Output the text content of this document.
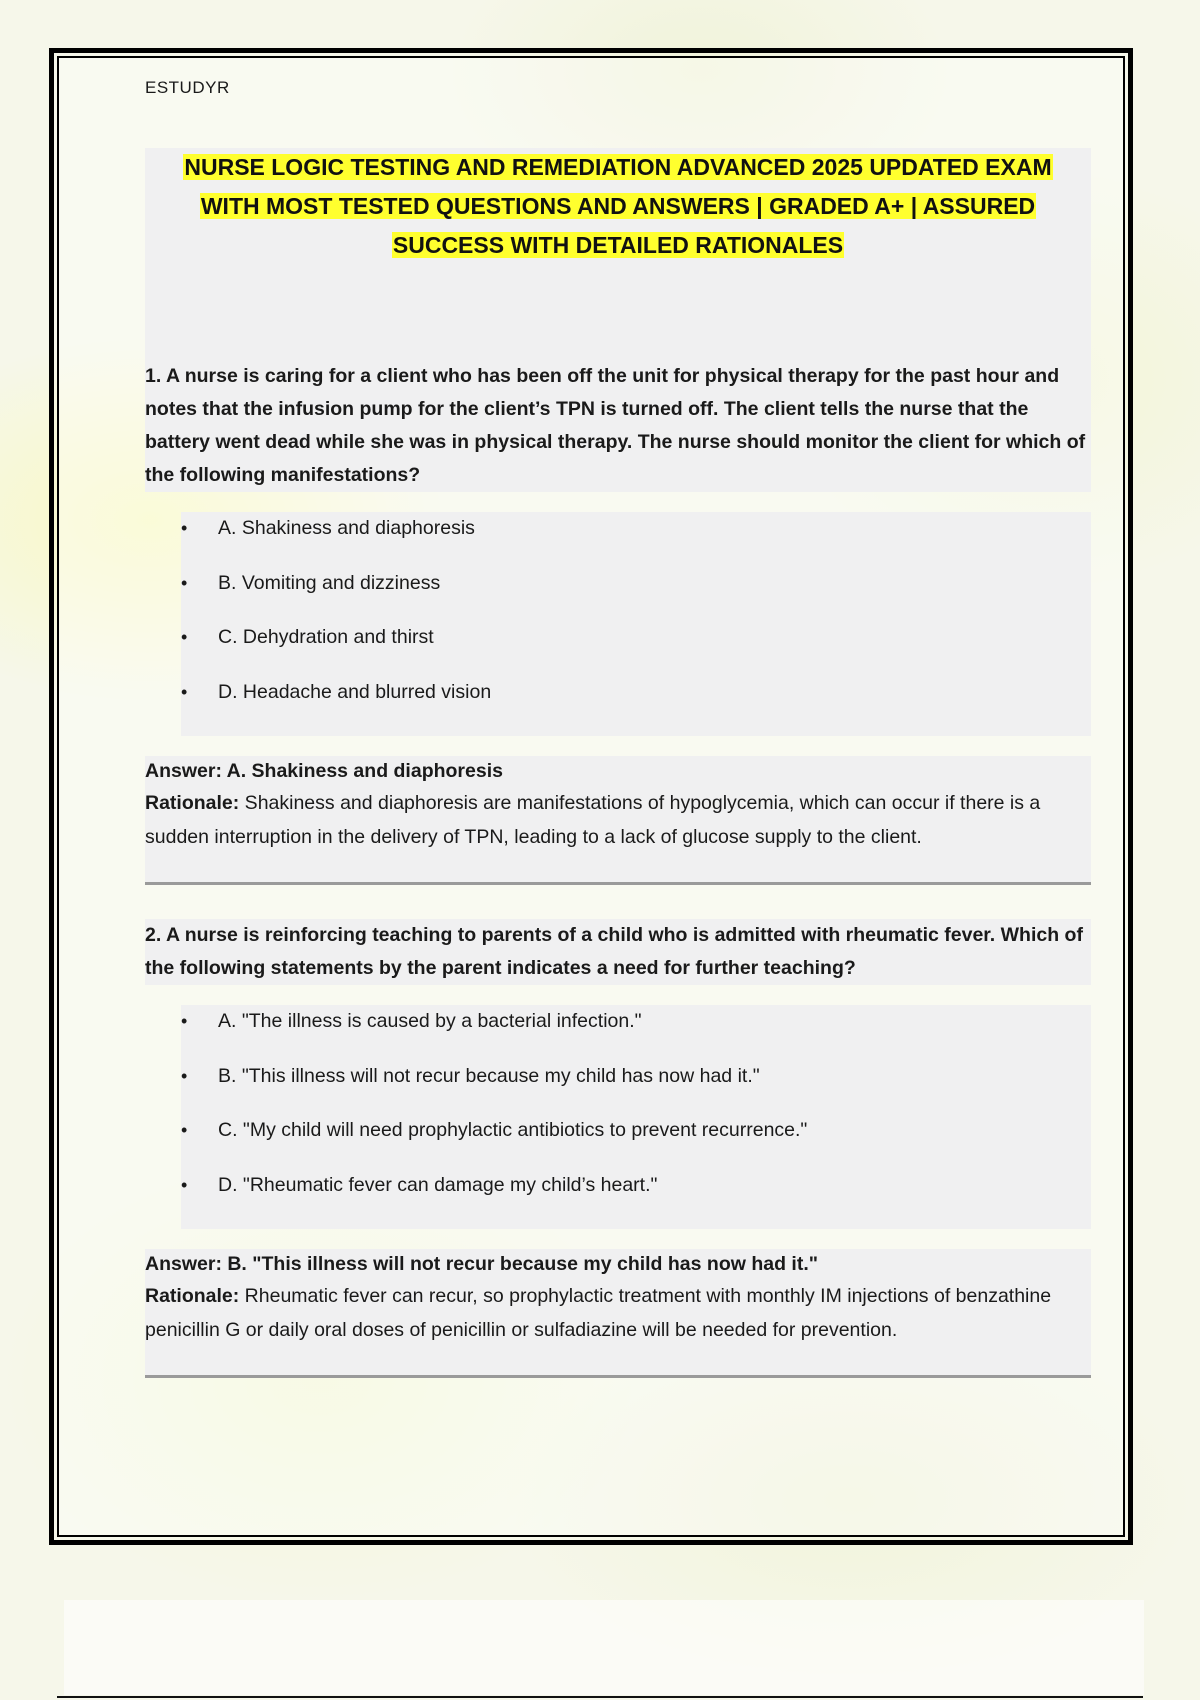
ESTUDYR

NURSE LOGIC TESTING AND REMEDIATION ADVANCED 2025 UPDATED EXAM
WITH MOST TESTED QUESTIONS AND ANSWERS | GRADED A+ | ASSURED
SUCCESS WITH DETAILED RATIONALES
1. A nurse is caring for a client who has been off the unit for physical therapy for the past hour and notes that the infusion pump for the client’s TPN is turned off. The client tells the nurse that the battery went dead while she was in physical therapy. The nurse should monitor the client for which of the following manifestations?
• A. Shakiness and diaphoresis
• B. Vomiting and dizziness
• C. Dehydration and thirst
• D. Headache and blurred vision
Answer: A. Shakiness and diaphoresis
Rationale: Shakiness and diaphoresis are manifestations of hypoglycemia, which can occur if there is a sudden interruption in the delivery of TPN, leading to a lack of glucose supply to the client.
2. A nurse is reinforcing teaching to parents of a child who is admitted with rheumatic fever. Which of the following statements by the parent indicates a need for further teaching?
• A. "The illness is caused by a bacterial infection."
• B. "This illness will not recur because my child has now had it."
• C. "My child will need prophylactic antibiotics to prevent recurrence."
• D. "Rheumatic fever can damage my child’s heart."
Answer: B. "This illness will not recur because my child has now had it."
Rationale: Rheumatic fever can recur, so prophylactic treatment with monthly IM injections of benzathine penicillin G or daily oral doses of penicillin or sulfadiazine will be needed for prevention.
